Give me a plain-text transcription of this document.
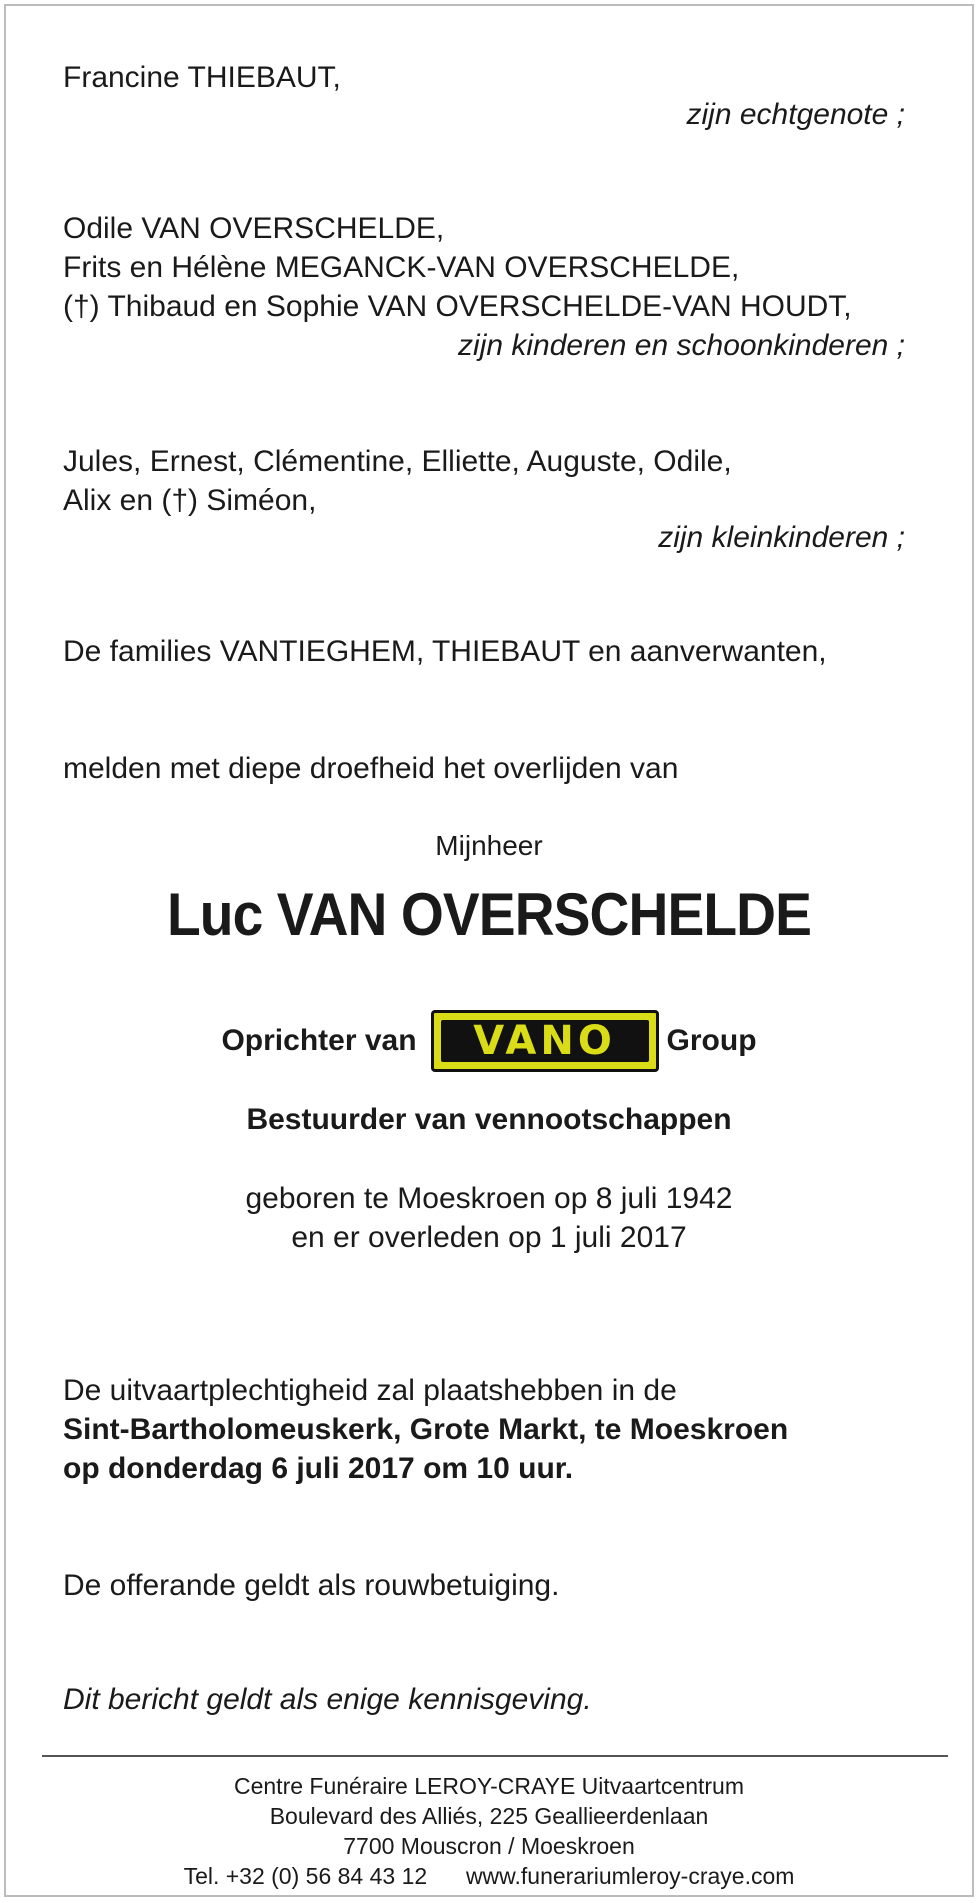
Francine THIEBAUT,
zijn echtgenote ;
Odile VAN OVERSCHELDE,
Frits en Hélène MEGANCK-VAN OVERSCHELDE,
(†) Thibaud en Sophie VAN OVERSCHELDE-VAN HOUDT,
zijn kinderen en schoonkinderen ;
Jules, Ernest, Clémentine, Elliette, Auguste, Odile,
Alix en (†) Siméon,
zijn kleinkinderen ;
De families VANTIEGHEM, THIEBAUT en aanverwanten,
melden met diepe droefheid het overlijden van
Mijnheer
Luc VAN OVERSCHELDE
Oprichter van VANO Group
Bestuurder van vennootschappen
geboren te Moeskroen op 8 juli 1942
en er overleden op 1 juli 2017
De uitvaartplechtigheid zal plaatshebben in de
Sint-Bartholomeuskerk, Grote Markt, te Moeskroen
op donderdag 6 juli 2017 om 10 uur.
De offerande geldt als rouwbetuiging.
Dit bericht geldt als enige kennisgeving.
Centre Funéraire LEROY-CRAYE Uitvaartcentrum
Boulevard des Alliés, 225 Geallieerdenlaan
7700 Mouscron / Moeskroen
Tel. +32 (0) 56 84 43 12 www.funerariumleroy-craye.com
